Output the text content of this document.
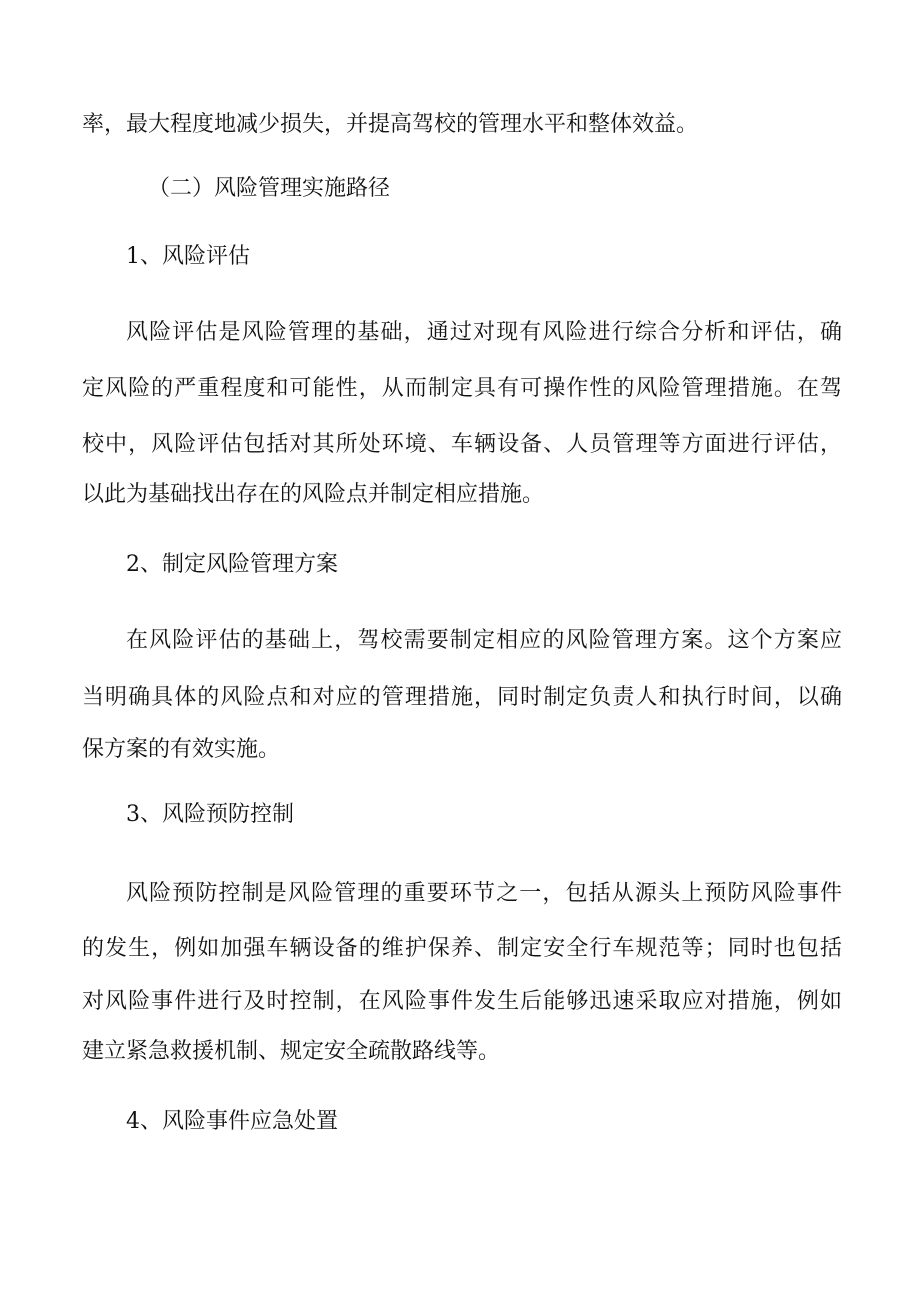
率，最大程度地减少损失，并提高驾校的管理水平和整体效益。
（二）风险管理实施路径
1、风险评估
风险评估是风险管理的基础，通过对现有风险进行综合分析和评估，确
定风险的严重程度和可能性，从而制定具有可操作性的风险管理措施。在驾
校中，风险评估包括对其所处环境、车辆设备、人员管理等方面进行评估，
以此为基础找出存在的风险点并制定相应措施。
2、制定风险管理方案
在风险评估的基础上，驾校需要制定相应的风险管理方案。这个方案应
当明确具体的风险点和对应的管理措施，同时制定负责人和执行时间，以确
保方案的有效实施。
3、风险预防控制
风险预防控制是风险管理的重要环节之一，包括从源头上预防风险事件
的发生，例如加强车辆设备的维护保养、制定安全行车规范等；同时也包括
对风险事件进行及时控制，在风险事件发生后能够迅速采取应对措施，例如
建立紧急救援机制、规定安全疏散路线等。
4、风险事件应急处置
